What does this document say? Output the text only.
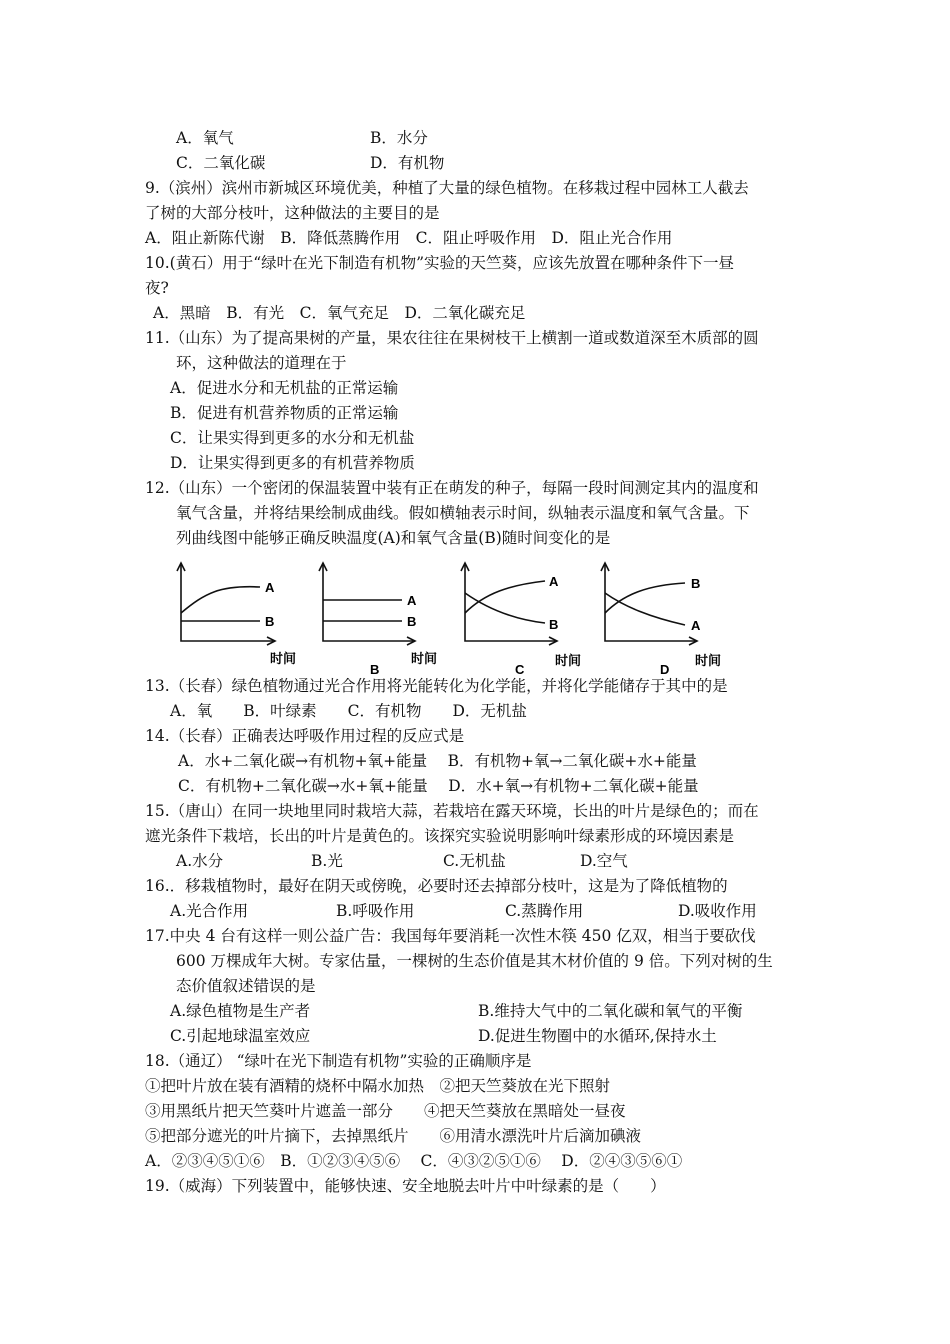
A．氧气	B．水分
C．二氧化碳	D．有机物
9.（滨州）滨州市新城区环境优美，种植了大量的绿色植物。在移栽过程中园林工人截去
了树的大部分枝叶，这种做法的主要目的是
A．阻止新陈代谢　B．降低蒸腾作用　C．阻止呼吸作用　D．阻止光合作用
10.(黄石）用于“绿叶在光下制造有机物”实验的天竺葵，应该先放置在哪种条件下一昼
夜?
A．黑暗　B．有光　C．氧气充足　D．二氧化碳充足
11.（山东）为了提高果树的产量，果农往往在果树枝干上横割一道或数道深至木质部的圆
环，这种做法的道理在于
A．促进水分和无机盐的正常运输
B．促进有机营养物质的正常运输
C．让果实得到更多的水分和无机盐
D．让果实得到更多的有机营养物质
12.（山东）一个密闭的保温装置中装有正在萌发的种子，每隔一段时间测定其内的温度和
氧气含量，并将结果绘制成曲线。假如横轴表示时间，纵轴表示温度和氧气含量。下
列曲线图中能够正确反映温度(A)和氧气含量(B)随时间变化的是
A
B
A
B
A
B
B
A
时间	时间	时间	时间
B	C	D
13.（长春）绿色植物通过光合作用将光能转化为化学能，并将化学能储存于其中的是
A．氧　　B．叶绿素　　C．有机物　　D．无机盐
14.（长春）正确表达呼吸作用过程的反应式是
A．水+二氧化碳→有机物+氧+能量　 B．有机物+氧→二氧化碳+水+能量
C．有机物+二氧化碳→水+氧+能量　 D．水+氧→有机物+二氧化碳+能量
15.（唐山）在同一块地里同时栽培大蒜，若栽培在露天环境，长出的叶片是绿色的；而在
遮光条件下栽培，长出的叶片是黄色的。该探究实验说明影响叶绿素形成的环境因素是
A.水分	B.光	C.无机盐	D.空气
16.．移栽植物时，最好在阴天或傍晚，必要时还去掉部分枝叶，这是为了降低植物的
A.光合作用	B.呼吸作用	C.蒸腾作用	D.吸收作用
17.中央 4 台有这样一则公益广告：我国每年要消耗一次性木筷 450 亿双，相当于要砍伐
600 万棵成年大树。专家估量，一棵树的生态价值是其木材价值的 9 倍。下列对树的生
态价值叙述错误的是
A.绿色植物是生产者	B.维持大气中的二氧化碳和氧气的平衡
C.引起地球温室效应	D.促进生物圈中的水循环,保持水土
18.（通辽） “绿叶在光下制造有机物”实验的正确顺序是
①把叶片放在装有酒精的烧杯中隔水加热　②把天竺葵放在光下照射
③用黑纸片把天竺葵叶片遮盖一部分　　④把天竺葵放在黑暗处一昼夜
⑤把部分遮光的叶片摘下，去掉黑纸片　　⑥用清水漂洗叶片后滴加碘液
A．②③④⑤①⑥　B．①②③④⑤⑥　 C．④③②⑤①⑥　 D．②④③⑤⑥①
19.（威海）下列装置中，能够快速、安全地脱去叶片中叶绿素的是（　　）
